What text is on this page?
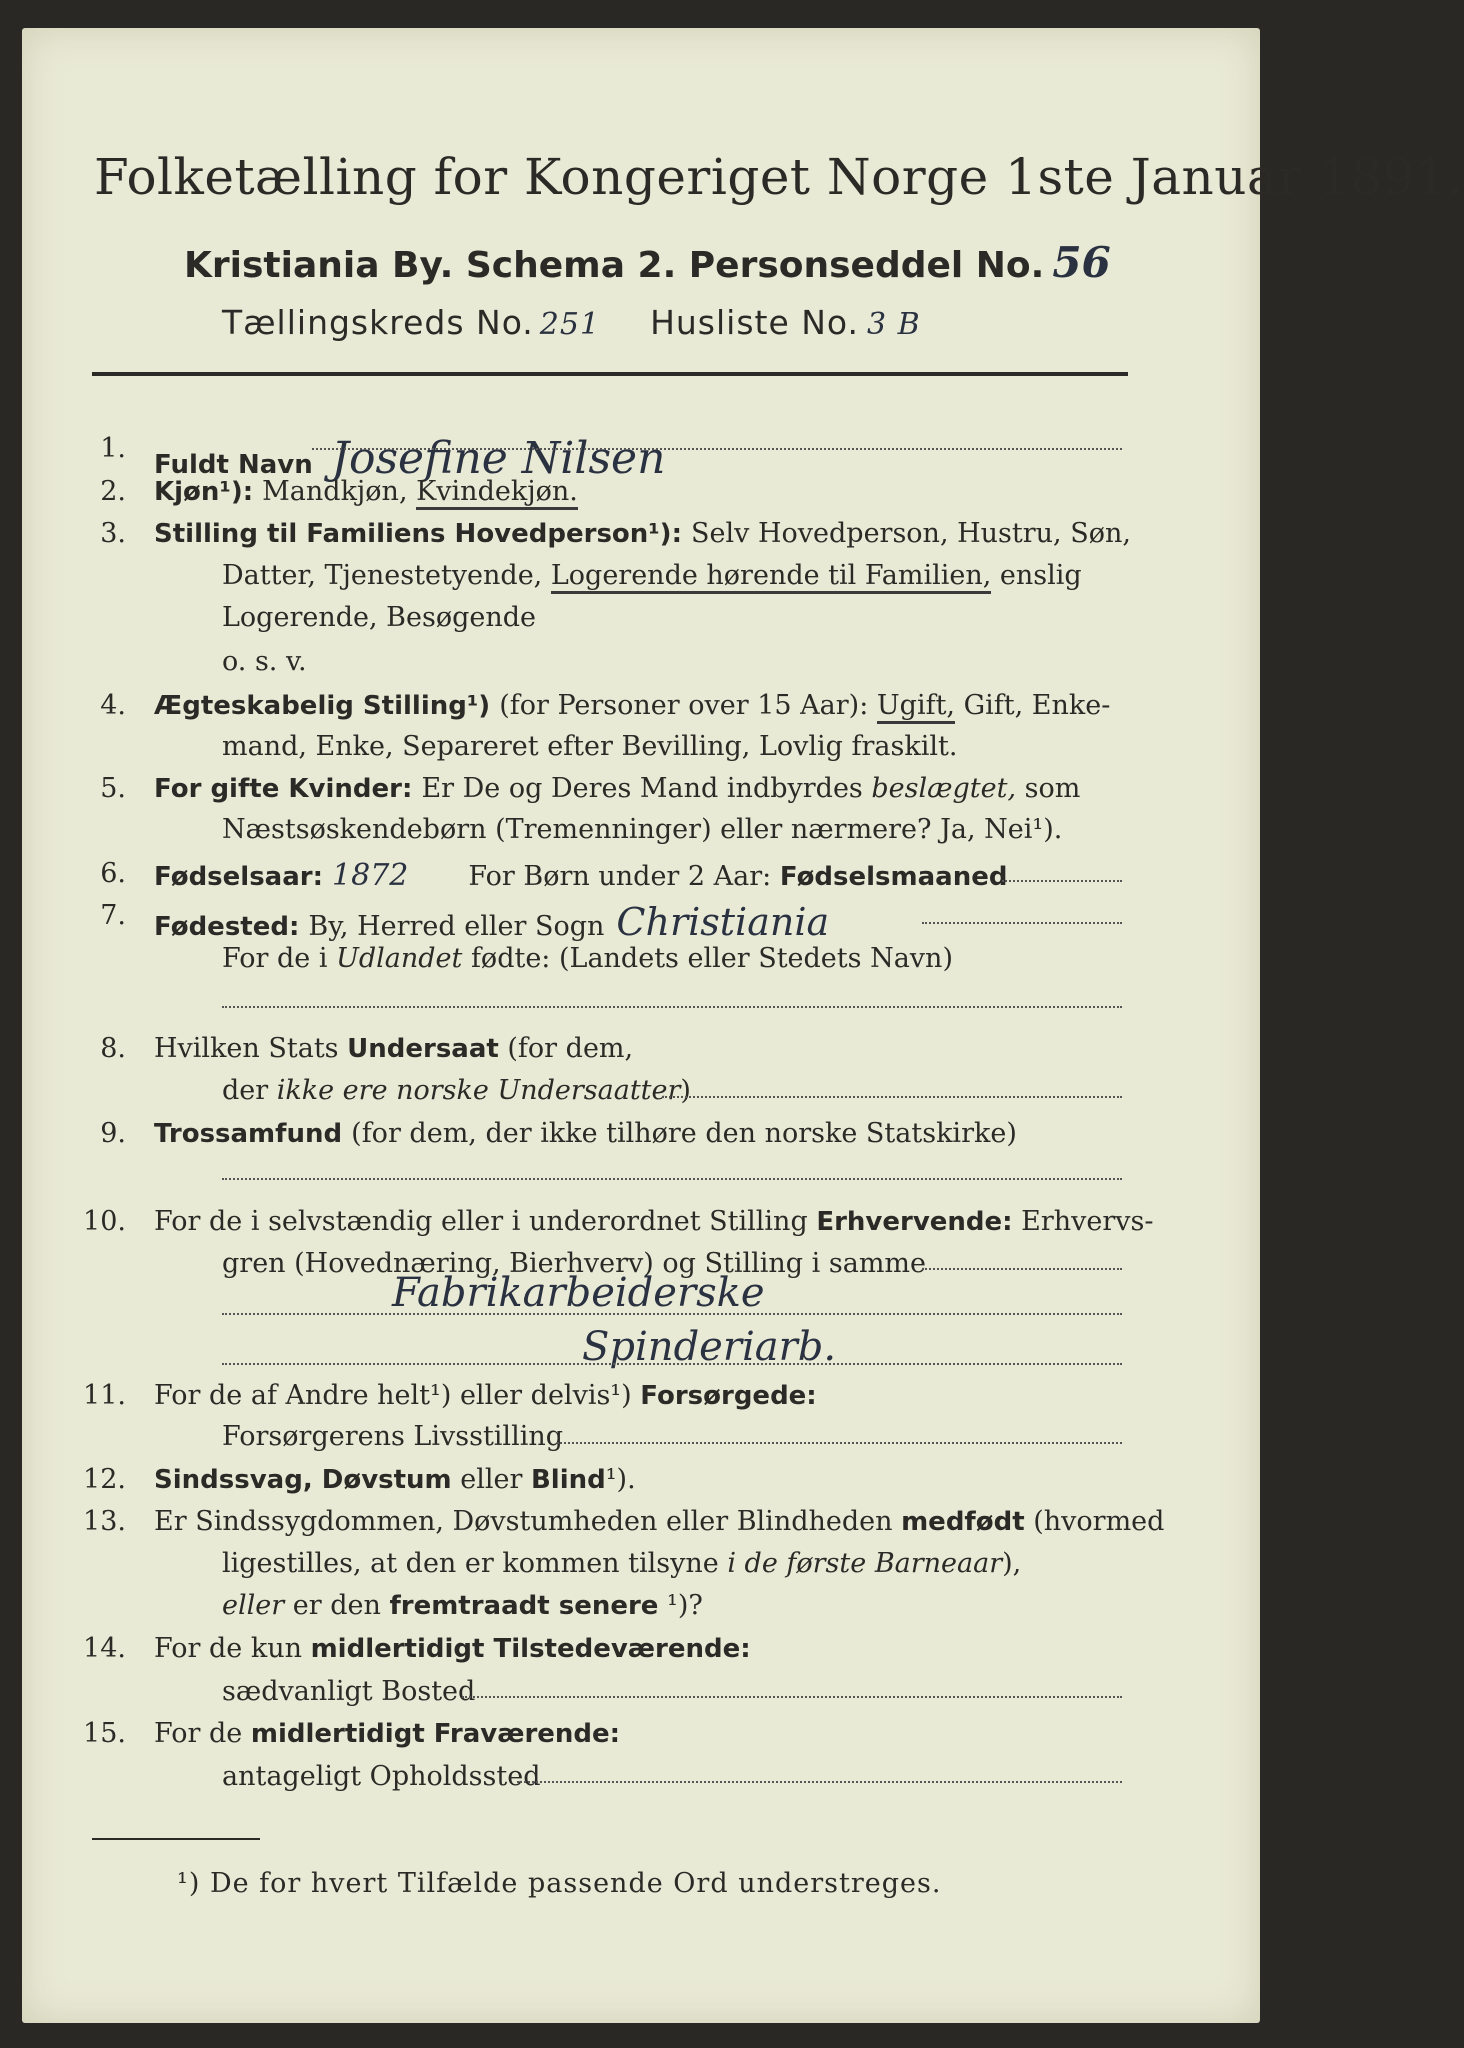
Folketælling for Kongeriget Norge 1ste Januar 1891.
Kristiania By. Schema 2. Personseddel No. 56
Tællingskreds No. 251 Husliste No. 3 B
1.
Fuldt Navn Josefine Nilsen
2. Kjøn¹): Mandkjøn, Kvindekjøn.
3. Stilling til Familiens Hovedperson¹): Selv Hovedperson, Hustru, Søn,
Datter, Tjenestetyende, Logerende hørende til Familien, enslig
Logerende, Besøgende
o. s. v.
4. Ægteskabelig Stilling¹) (for Personer over 15 Aar): Ugift, Gift, Enke-
mand, Enke, Separeret efter Bevilling, Lovlig fraskilt.
5. For gifte Kvinder: Er De og Deres Mand indbyrdes beslægtet, som
Næstsøskendebørn (Tremenninger) eller nærmere? Ja, Nei¹).
6. Fødselsaar: 1872 For Børn under 2 Aar: Fødselsmaaned
7. Fødested: By, Herred eller Sogn Christiania
For de i Udlandet fødte: (Landets eller Stedets Navn)
8. Hvilken Stats Undersaat (for dem,
der ikke ere norske Undersaatter)
9. Trossamfund (for dem, der ikke tilhøre den norske Statskirke)
10. For de i selvstændig eller i underordnet Stilling Erhvervende: Erhvervs-
gren (Hovednæring, Bierhverv) og Stilling i samme
Fabrikarbeiderske
Spinderiarb.
11. For de af Andre helt¹) eller delvis¹) Forsørgede:
Forsørgerens Livsstilling
12. Sindssvag, Døvstum eller Blind¹).
13. Er Sindssygdommen, Døvstumheden eller Blindheden medfødt (hvormed
ligestilles, at den er kommen tilsyne i de første Barneaar),
eller er den fremtraadt senere ¹)?
14. For de kun midlertidigt Tilstedeværende:
sædvanligt Bosted
15. For de midlertidigt Fraværende:
antageligt Opholdssted
¹) De for hvert Tilfælde passende Ord understreges.
